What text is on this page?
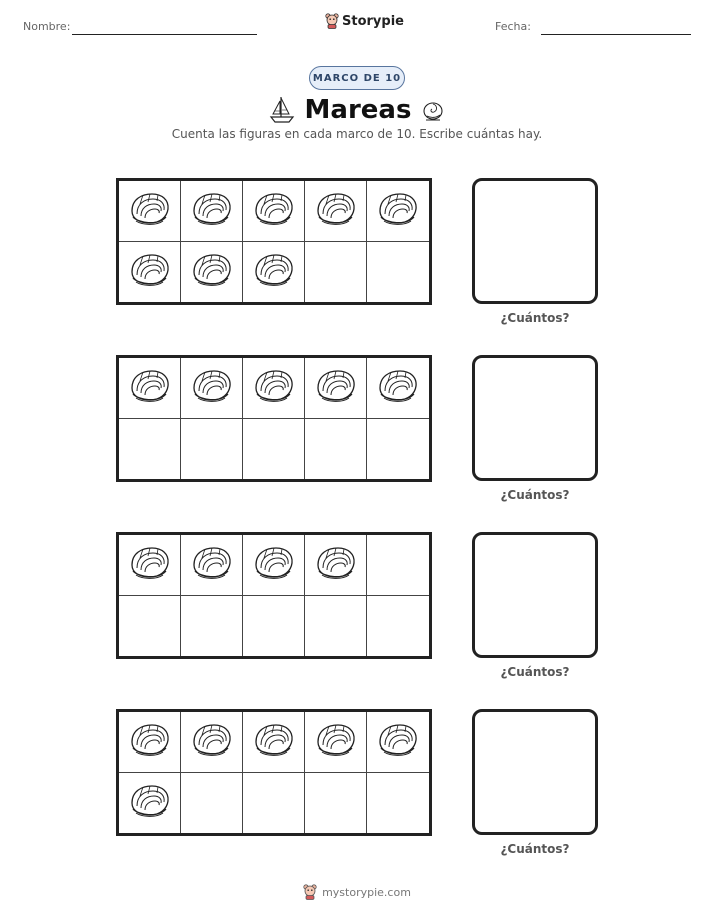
Nombre:	Storypie	Fecha:
MARCO DE 10
Mareas
Cuenta las figuras en cada marco de 10. Escribe cuántas hay.
¿Cuántos?
¿Cuántos?
¿Cuántos?
¿Cuántos?
mystorypie.com
